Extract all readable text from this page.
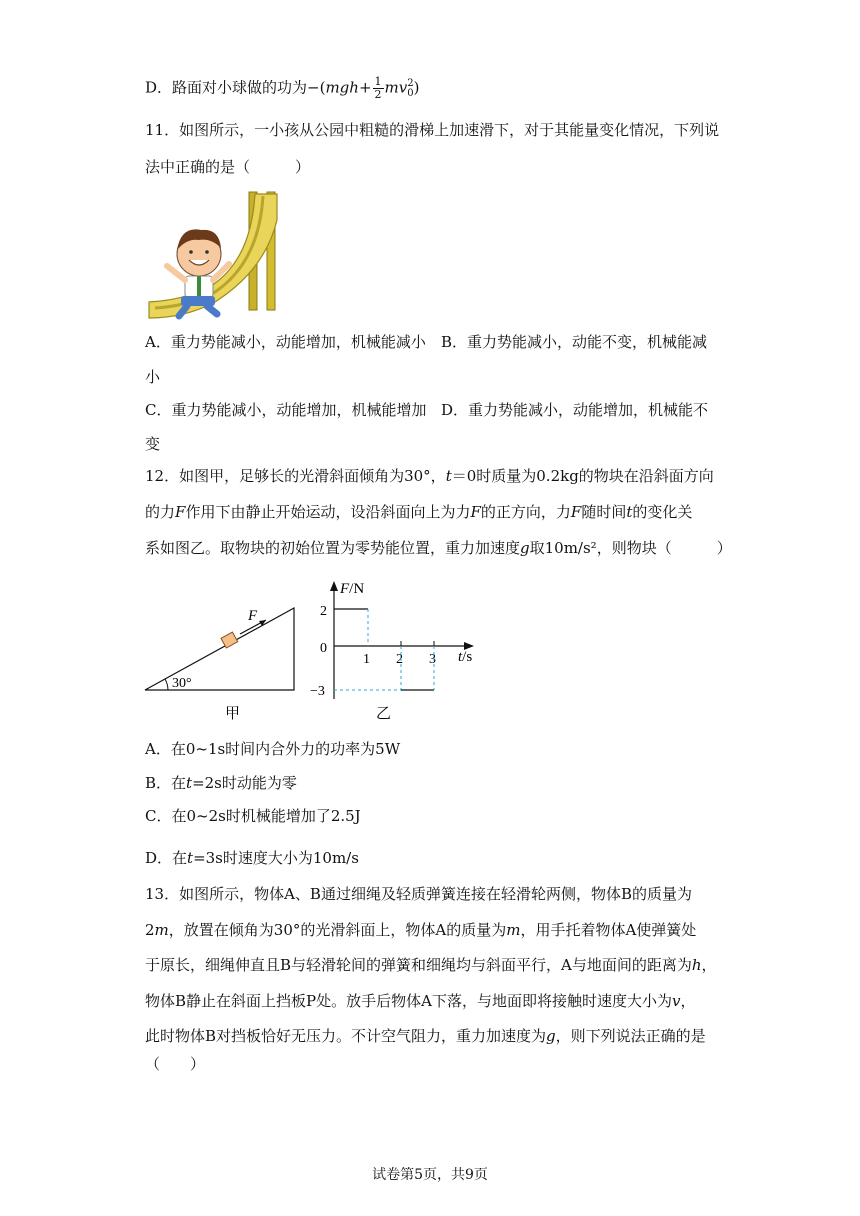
D．路面对小球做的功为$-(mgh+ \frac{1}{2}$ mv 2
0 )
11．如图所示，一小孩从公园中粗糙的滑梯上加速滑下，对于其能量变化情况，下列说
法中正确的是（　　　）
A．重力势能减小，动能增加，机械能减小 B．重力势能减小，动能不变，机械能减
小
C．重力势能减小，动能增加，机械能增加 D．重力势能减小，动能增加，机械能不
变
12．如图甲，足够长的光滑斜面倾角为30°，t＝0时质量为0.2kg的物块在沿斜面方向
的力F作用下由静止开始运动，设沿斜面向上为力F的正方向，力F随时间t的变化关
系如图乙。取物块的初始位置为零势能位置，重力加速度g取10m/s²，则物块（　　　）
30°
F
甲
F/N
t/s
2
0
−3
1 2 3
乙
A．在0~1s时间内合外力的功率为5W
B．在t=2s时动能为零
C．在0~2s时机械能增加了2.5J
D．在t=3s时速度大小为10m/s
13．如图所示，物体A、B通过细绳及轻质弹簧连接在轻滑轮两侧，物体B的质量为
2m，放置在倾角为30°的光滑斜面上，物体A的质量为m，用手托着物体A使弹簧处
于原长，细绳伸直且B与轻滑轮间的弹簧和细绳均与斜面平行，A与地面间的距离为h，
物体B静止在斜面上挡板P处。放手后物体A下落，与地面即将接触时速度大小为v，
此时物体B对挡板恰好无压力。不计空气阻力，重力加速度为g，则下列说法正确的是
（　　）
试卷第5页，共9页
